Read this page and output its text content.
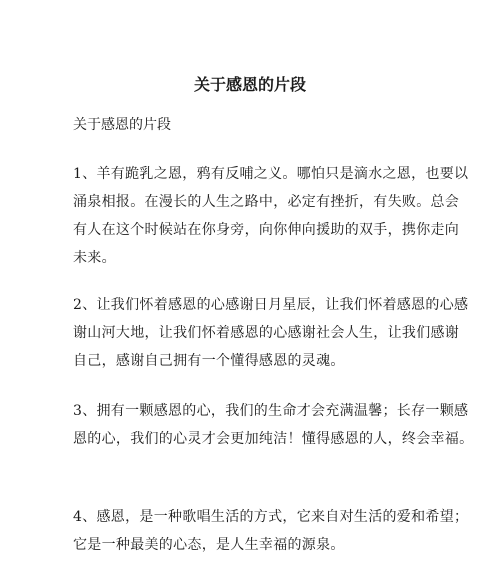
关于感恩的片段

关于感恩的片段

1、羊有跪乳之恩，鸦有反哺之义。哪怕只是滴水之恩，也要以
涌泉相报。在漫长的人生之路中，必定有挫折，有失败。总会
有人在这个时候站在你身旁，向你伸向援助的双手，携你走向
未来。

2、让我们怀着感恩的心感谢日月星辰，让我们怀着感恩的心感
谢山河大地，让我们怀着感恩的心感谢社会人生，让我们感谢
自己，感谢自己拥有一个懂得感恩的灵魂。

3、拥有一颗感恩的心，我们的生命才会充满温馨；长存一颗感
恩的心，我们的心灵才会更加纯洁！懂得感恩的人，终会幸福。

4、感恩，是一种歌唱生活的方式，它来自对生活的爱和希望；
它是一种最美的心态，是人生幸福的源泉。
